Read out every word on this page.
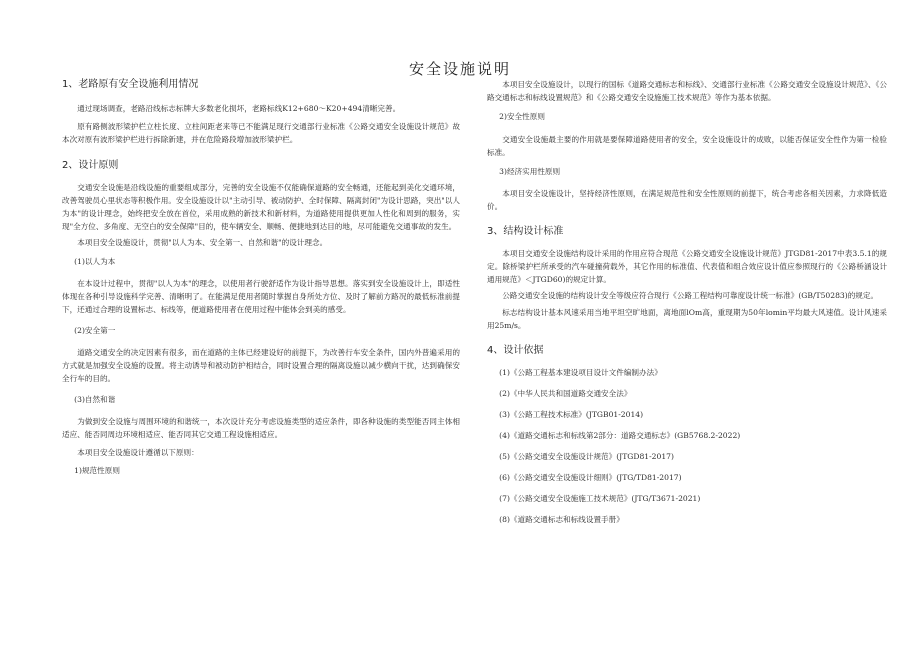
安全设施说明
1、老路原有安全设施利用情况

通过现场调查，老路沿线标志标牌大多数老化损坏，老路标线K12+680～K20+494清晰完善。

原有路侧波形梁护栏立柱长度、立柱间距老来等已不能满足现行交通部行业标准《公路交通安全设施设计规范》故本次对原有波形梁护栏进行拆除新建，并在危险路段增加波形梁护栏。

2、设计原则

交通安全设施是沿线设施的重要组成部分，完善的安全设施不仅能确保道路的安全畅通，还能起到美化交通环境，改善驾驶员心里状态等积极作用。安全设施设计以"主动引导、被动防护、全时保障、隔离封闭"为设计思路，突出"以人为本"的设计理念，始终把安全放在首位，采用成熟的新技术和新材料，为道路使用提供更加人性化和周到的服务，实现"全方位、多角度、无空白的安全保障"目的，使车辆安全、顺畅、便捷地到达目的地，尽可能避免交通事故的发生。

本项目安全设施设计，贯彻"以人为本、安全第一、自然和谐"的设计理念。

(1)以人为本

在本设计过程中，贯彻"以人为本"的理念，以使用者行驶舒适作为设计指导思想。落实到安全设施设计上，即适性体现在各种引导设施科学完善、清晰明了。在能满足使用者随时掌握自身所处方位、及时了解前方路况的最低标准前提下，还通过合理的设置标志、标线等，便道路使用者在使用过程中能体会到美的感受。

(2)安全第一

道路交通安全的决定因素有很多，而在道路的主体已经建设好的前提下，为改善行车安全条件，国内外普遍采用的方式就是加强安全设施的设置。将主动诱导和被动防护相结合，同时设置合理的隔离设施以减少横向干扰，达到确保安全行车的目的。

(3)自然和谐

为做到安全设施与周围环境的和谐统一，本次设计充分考虑设施类型的适应条件，即各种设施的类型能否同主体相适应、能否同周边环境相适应、能否同其它交通工程设施相适应。

本项目安全设施设计遵循以下原则：

1)规范性原则

本项目安全设施设计，以现行的国标《道路交通标志和标线》、交通部行业标准《公路交通安全设施设计规范》、《公路交通标志和标线设置规范》和《公路交通安全设施施工技术规范》等作为基本依据。

2)安全性原则

交通安全设施最主要的作用就是要保障道路使用者的安全，安全设施设计的成败，以能否保证安全性作为第一检验标准。

3)经济实用性原则

本项目安全设施设计，坚持经济性原则，在满足规范性和安全性原则的前提下，统合考虑各相关因素，力求降低造价。

3、结构设计标准

本项目交通安全设施结构设计采用的作用应符合现范《公路交通安全设施设计规范》JTGD81-2017中表3.5.1的规定。除桥梁护栏所承受的汽车碰撞荷载外，其它作用的标准值、代表值和组合效应设计值应参照现行的《公路桥涵设计通用规范》＜JTGD60)的规定计算。

公路交通安全设施的结构设计安全等级应符合现行《公路工程结构可靠度设计统一标准》(GB/T50283)的规定。

标志结构设计基本风速采用当地平坦空旷地面，离地面lOm高，重现期为50年lomin平均最大风速值。设计风速采用25m/s。

4、设计依据
(1)《公路工程基本建设项目设计文件编制办法》
(2)《中华人民共和国道路交通安全法》
(3)《公路工程技术标准》(JTGB01-2014)
(4)《道路交通标志和标线第2部分：道路交通标志》(GB5768.2-2022)
(5)《公路交通安全设施设计规范》(JTGD81-2017)
(6)《公路交通安全设施设计细则》(JTG/TD81-2017)
(7)《公路交通安全设施施工技术规范》(JTG/T3671-2021)
(8)《道路交通标志和标线设置手册》
